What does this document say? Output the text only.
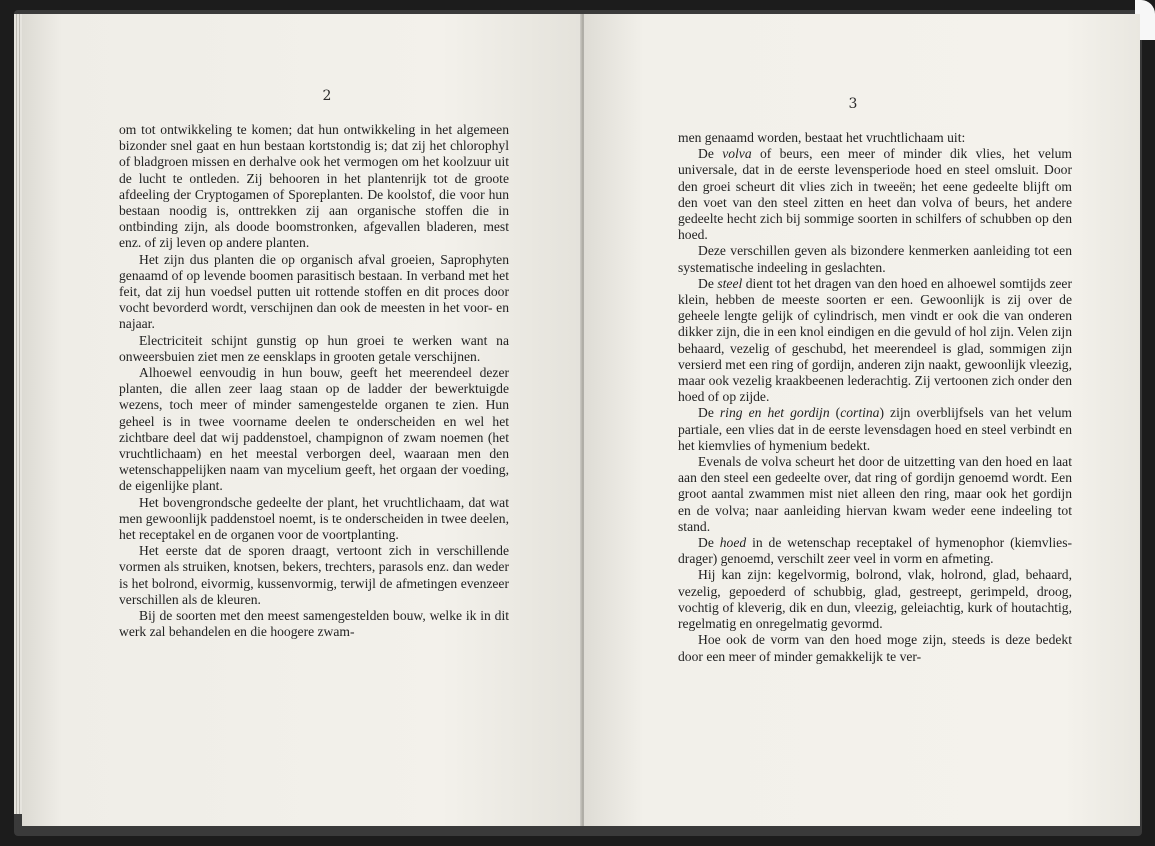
2

om tot ontwikkeling te komen; dat hun ontwikkeling in het algemeen bizonder snel gaat en hun bestaan kortstondig is; dat zij het chlorophyl of bladgroen missen en derhalve ook het vermogen om het koolzuur uit de lucht te ontleden. Zij behooren in het plantenrijk tot de groote afdeeling der Cryptogamen of Sporeplanten. De koolstof, die voor hun bestaan noodig is, onttrekken zij aan organische stoffen die in ontbinding zijn, als doode boomstronken, afgevallen bladeren, mest enz. of zij leven op andere planten.

Het zijn dus planten die op organisch afval groeien, Saprophyten genaamd of op levende boomen parasitisch bestaan. In verband met het feit, dat zij hun voedsel putten uit rottende stoffen en dit proces door vocht bevorderd wordt, verschijnen dan ook de meesten in het voor- en najaar.

Electriciteit schijnt gunstig op hun groei te werken want na onweersbuien ziet men ze eensklaps in grooten getale verschijnen.

Alhoewel eenvoudig in hun bouw, geeft het meerendeel dezer planten, die allen zeer laag staan op de ladder der bewerktuigde wezens, toch meer of minder samengestelde organen te zien. Hun geheel is in twee voorname deelen te onderscheiden en wel het zichtbare deel dat wij paddenstoel, champignon of zwam noemen (het vruchtlichaam) en het meestal verborgen deel, waaraan men den wetenschappelijken naam van mycelium geeft, het orgaan der voeding, de eigenlijke plant.

Het bovengrondsche gedeelte der plant, het vruchtlichaam, dat wat men gewoonlijk paddenstoel noemt, is te onderscheiden in twee deelen, het receptakel en de organen voor de voortplanting.

Het eerste dat de sporen draagt, vertoont zich in verschillende vormen als struiken, knotsen, bekers, trechters, parasols enz. dan weder is het bolrond, eivormig, kussenvormig, terwijl de afmetingen evenzeer verschillen als de kleuren.

Bij de soorten met den meest samengestelden bouw, welke ik in dit werk zal behandelen en die hoogere zwam-

3

men genaamd worden, bestaat het vruchtlichaam uit:

De volva of beurs, een meer of minder dik vlies, het velum universale, dat in de eerste levensperiode hoed en steel omsluit. Door den groei scheurt dit vlies zich in tweeën; het eene gedeelte blijft om den voet van den steel zitten en heet dan volva of beurs, het andere gedeelte hecht zich bij sommige soorten in schilfers of schubben op den hoed.

Deze verschillen geven als bizondere kenmerken aanleiding tot een systematische indeeling in geslachten.

De steel dient tot het dragen van den hoed en alhoewel somtijds zeer klein, hebben de meeste soorten er een. Gewoonlijk is zij over de geheele lengte gelijk of cylindrisch, men vindt er ook die van onderen dikker zijn, die in een knol eindigen en die gevuld of hol zijn. Velen zijn behaard, vezelig of geschubd, het meerendeel is glad, sommigen zijn versierd met een ring of gordijn, anderen zijn naakt, gewoonlijk vleezig, maar ook vezelig kraakbeenen lederachtig. Zij vertoonen zich onder den hoed of op zijde.

De ring en het gordijn (cortina) zijn overblijfsels van het velum partiale, een vlies dat in de eerste levensdagen hoed en steel verbindt en het kiemvlies of hymenium bedekt.

Evenals de volva scheurt het door de uitzetting van den hoed en laat aan den steel een gedeelte over, dat ring of gordijn genoemd wordt. Een groot aantal zwammen mist niet alleen den ring, maar ook het gordijn en de volva; naar aanleiding hiervan kwam weder eene indeeling tot stand.

De hoed in de wetenschap receptakel of hymenophor (kiemvlies-drager) genoemd, verschilt zeer veel in vorm en afmeting.

Hij kan zijn: kegelvormig, bolrond, vlak, holrond, glad, behaard, vezelig, gepoederd of schubbig, glad, gestreept, gerimpeld, droog, vochtig of kleverig, dik en dun, vleezig, geleiachtig, kurk of houtachtig, regelmatig en onregelmatig gevormd.

Hoe ook de vorm van den hoed moge zijn, steeds is deze bedekt door een meer of minder gemakkelijk te ver-
